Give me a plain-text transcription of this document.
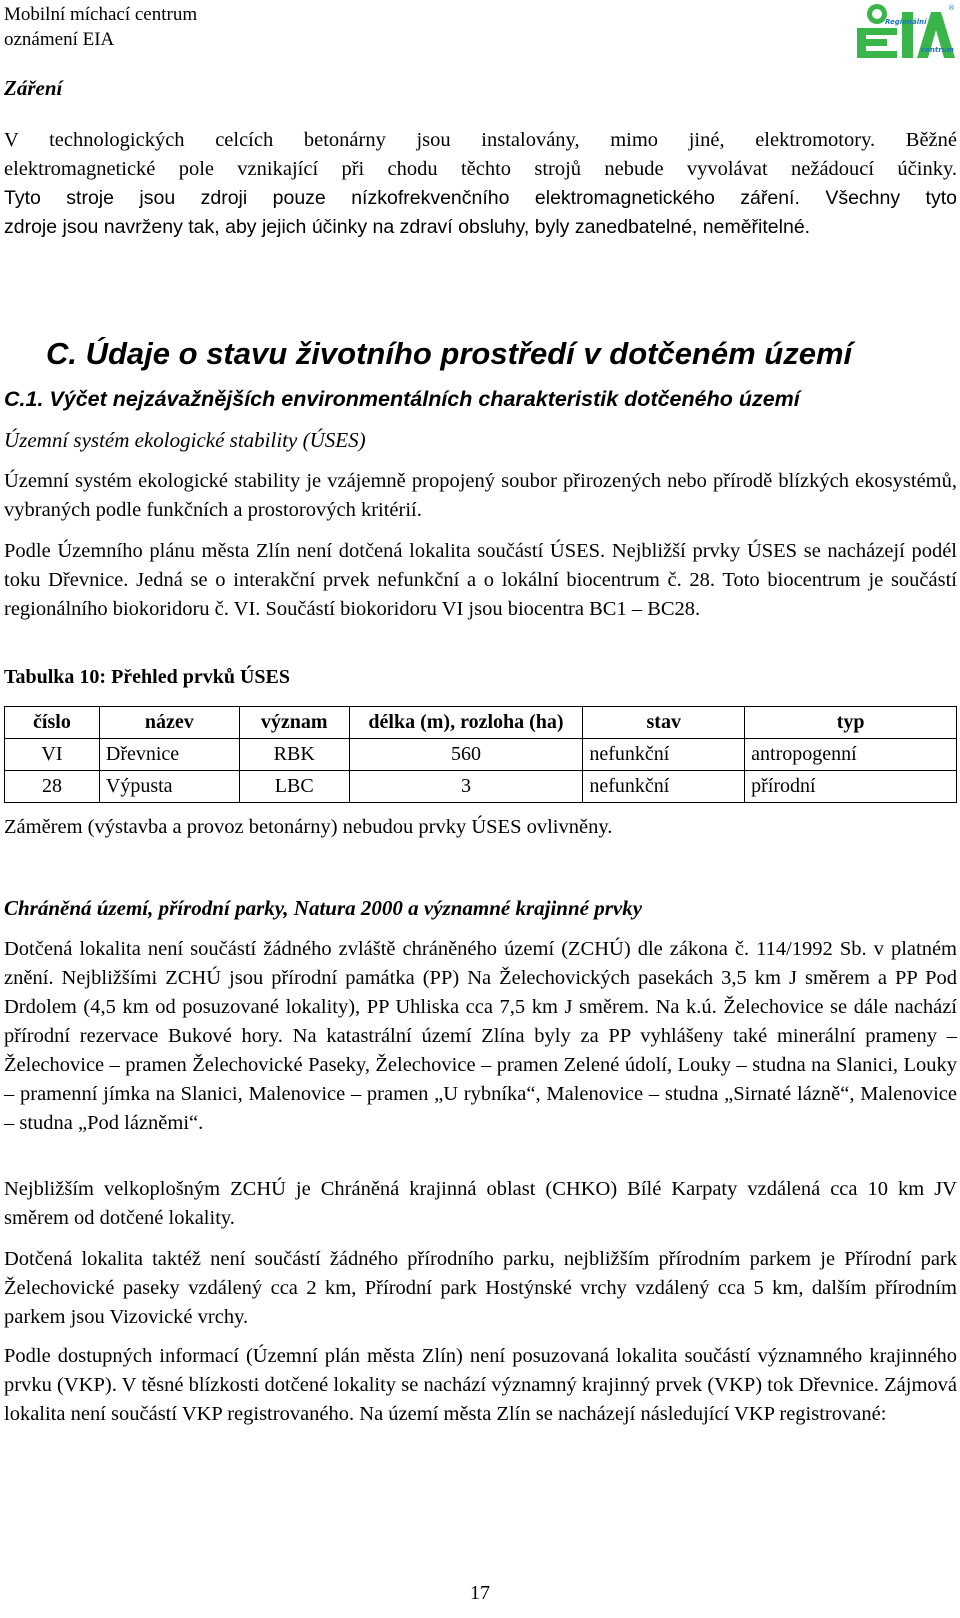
Mobilní míchací centrum
oznámení EIA
Regionální
centrum
®
Záření
V technologických celcích betonárny jsou instalovány, mimo jiné, elektromotory. Běžné
elektromagnetické pole vznikající při chodu těchto strojů nebude vyvolávat nežádoucí účinky.
Tyto stroje jsou zdroji pouze nízkofrekvenčního elektromagnetického záření. Všechny tyto
zdroje jsou navrženy tak, aby jejich účinky na zdraví obsluhy, byly zanedbatelné, neměřitelné.
C. Údaje o stavu životního prostředí v dotčeném území
C.1. Výčet nejzávažnějších environmentálních charakteristik dotčeného území
Územní systém ekologické stability (ÚSES)

Územní systém ekologické stability je vzájemně propojený soubor přirozených nebo přírodě blízkých ekosystémů, vybraných podle funkčních a prostorových kritérií.

Podle Územního plánu města Zlín není dotčená lokalita součástí ÚSES. Nejbližší prvky ÚSES se nacházejí podél toku Dřevnice. Jedná se o interakční prvek nefunkční a o lokální biocentrum č. 28. Toto biocentrum je součástí regionálního biokoridoru č. VI. Součástí biokoridoru VI jsou biocentra BC1 – BC28.

Tabulka 10: Přehled prvků ÚSES
číslo	název	význam	délka (m), rozloha (ha)	stav	typ
VI	Dřevnice	RBK	560	nefunkční	antropogenní
28	Výpusta	LBC	3	nefunkční	přírodní
Záměrem (výstavba a provoz betonárny) nebudou prvky ÚSES ovlivněny.
Chráněná území, přírodní parky, Natura 2000 a významné krajinné prvky

Dotčená lokalita není součástí žádného zvláště chráněného území (ZCHÚ) dle zákona č. 114/1992 Sb. v platném znění. Nejbližšími ZCHÚ jsou přírodní památka (PP) Na Želechovických pasekách 3,5 km J směrem a PP Pod Drdolem (4,5 km od posuzované lokality), PP Uhliska cca 7,5 km J směrem. Na k.ú. Želechovice se dále nachází přírodní rezervace Bukové hory. Na katastrální území Zlína byly za PP vyhlášeny také minerální prameny – Želechovice – pramen Želechovické Paseky, Želechovice – pramen Zelené údolí, Louky – studna na Slanici, Louky – pramenní jímka na Slanici, Malenovice – pramen „U rybníka“, Malenovice – studna „Sirnaté lázně“, Malenovice – studna „Pod lázněmi“.

Nejbližším velkoplošným ZCHÚ je Chráněná krajinná oblast (CHKO) Bílé Karpaty vzdálená cca 10 km JV směrem od dotčené lokality.

Dotčená lokalita taktéž není součástí žádného přírodního parku, nejbližším přírodním parkem je Přírodní park Želechovické paseky vzdálený cca 2 km, Přírodní park Hostýnské vrchy vzdálený cca 5 km, dalším přírodním parkem jsou Vizovické vrchy.

Podle dostupných informací (Územní plán města Zlín) není posuzovaná lokalita součástí významného krajinného prvku (VKP). V těsné blízkosti dotčené lokality se nachází významný krajinný prvek (VKP) tok Dřevnice. Zájmová lokalita není součástí VKP registrovaného. Na území města Zlín se nacházejí následující VKP registrované:

17
